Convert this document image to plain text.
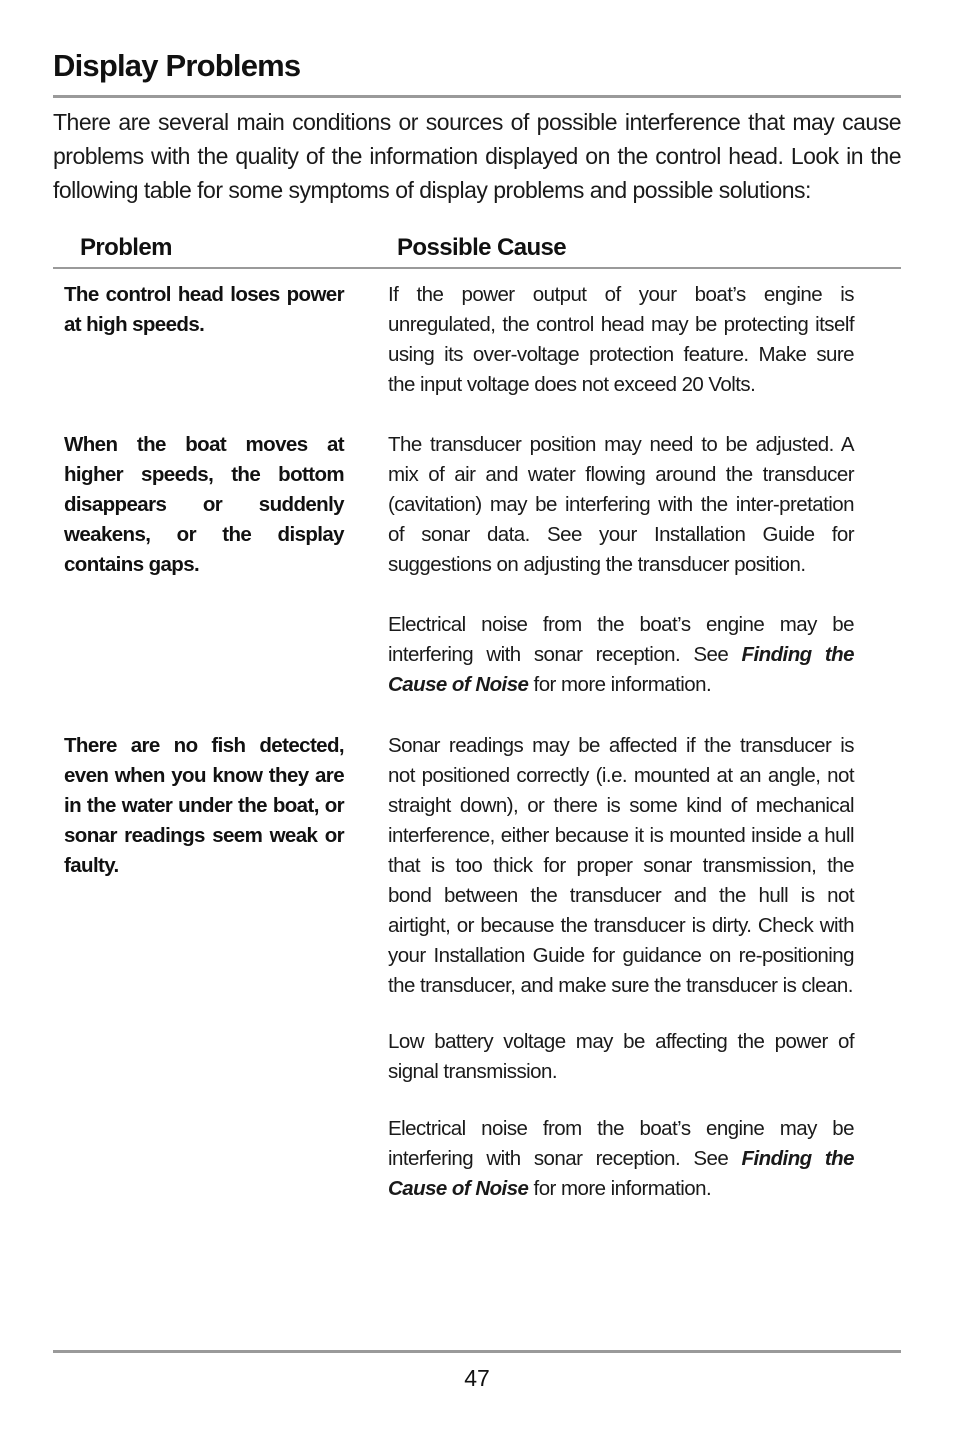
Display Problems

There are several main conditions or sources of possible interference that may cause problems with the quality of the information displayed on the control head. Look in the following table for some symptoms of display problems and possible solutions:

Problem	Possible Cause

The control head loses power at high speeds.

If the power output of your boat’s engine is unregulated, the control head may be protecting itself using its over-voltage protection feature. Make sure the input voltage does not exceed 20 Volts.

When the boat moves at higher speeds, the bottom disappears or suddenly weakens, or the display contains gaps.

The transducer position may need to be adjusted. A mix of air and water flowing around the transducer (cavitation) may be interfering with the inter-pretation of sonar data. See your Installation Guide for suggestions on adjusting the transducer position.

Electrical noise from the boat’s engine may be interfering with sonar reception. See Finding the Cause of Noise for more information.

There are no fish detected, even when you know they are in the water under the boat, or sonar readings seem weak or faulty.

Sonar readings may be affected if the transducer is not positioned correctly (i.e. mounted at an angle, not straight down), or there is some kind of mechanical interference, either because it is mounted inside a hull that is too thick for proper sonar transmission, the bond between the transducer and the hull is not airtight, or because the transducer is dirty. Check with your Installation Guide for guidance on re-positioning the transducer, and make sure the transducer is clean.

Low battery voltage may be affecting the power of signal transmission.

Electrical noise from the boat’s engine may be interfering with sonar reception. See Finding the Cause of Noise for more information.

47
